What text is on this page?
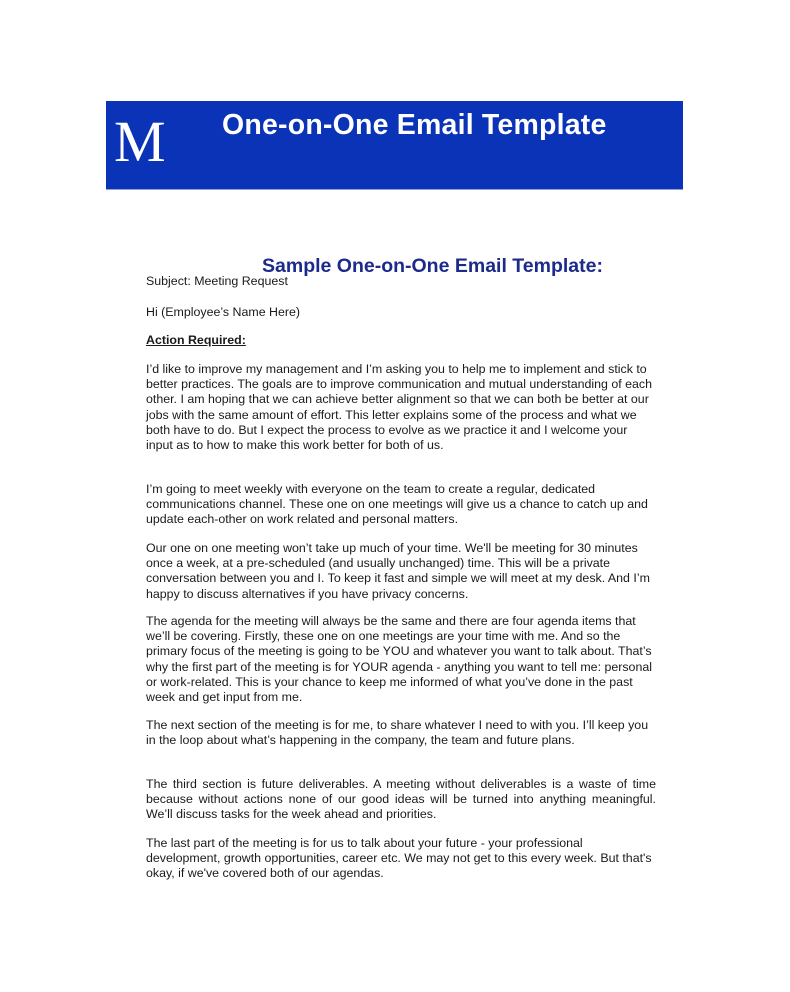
M One-on-One Email Template
Sample One-on-One Email Template:

Subject: Meeting Request

Hi (Employee’s Name Here)

Action Required:

I’d like to improve my management and I’m asking you to help me to implement and stick to better practices. The goals are to improve communication and mutual understanding of each other. I am hoping that we can achieve better alignment so that we can both be better at our jobs with the same amount of effort. This letter explains some of the process and what we both have to do. But I expect the process to evolve as we practice it and I welcome your input as to how to make this work better for both of us.

I’m going to meet weekly with everyone on the team to create a regular, dedicated communications channel. These one on one meetings will give us a chance to catch up and update each-other on work related and personal matters.

Our one on one meeting won’t take up much of your time. We'll be meeting for 30 minutes once a week, at a pre-scheduled (and usually unchanged) time. This will be a private conversation between you and I. To keep it fast and simple we will meet at my desk. And I’m happy to discuss alternatives if you have privacy concerns.

The agenda for the meeting will always be the same and there are four agenda items that we’ll be covering. Firstly, these one on one meetings are your time with me. And so the primary focus of the meeting is going to be YOU and whatever you want to talk about. That’s why the first part of the meeting is for YOUR agenda - anything you want to tell me: personal or work-related. This is your chance to keep me informed of what you’ve done in the past week and get input from me.

The next section of the meeting is for me, to share whatever I need to with you. I’ll keep you in the loop about what’s happening in the company, the team and future plans.

The third section is future deliverables. A meeting without deliverables is a waste of time because without actions none of our good ideas will be turned into anything meaningful. We’ll discuss tasks for the week ahead and priorities.

The last part of the meeting is for us to talk about your future - your professional development, growth opportunities, career etc. We may not get to this every week. But that's okay, if we've covered both of our agendas.
